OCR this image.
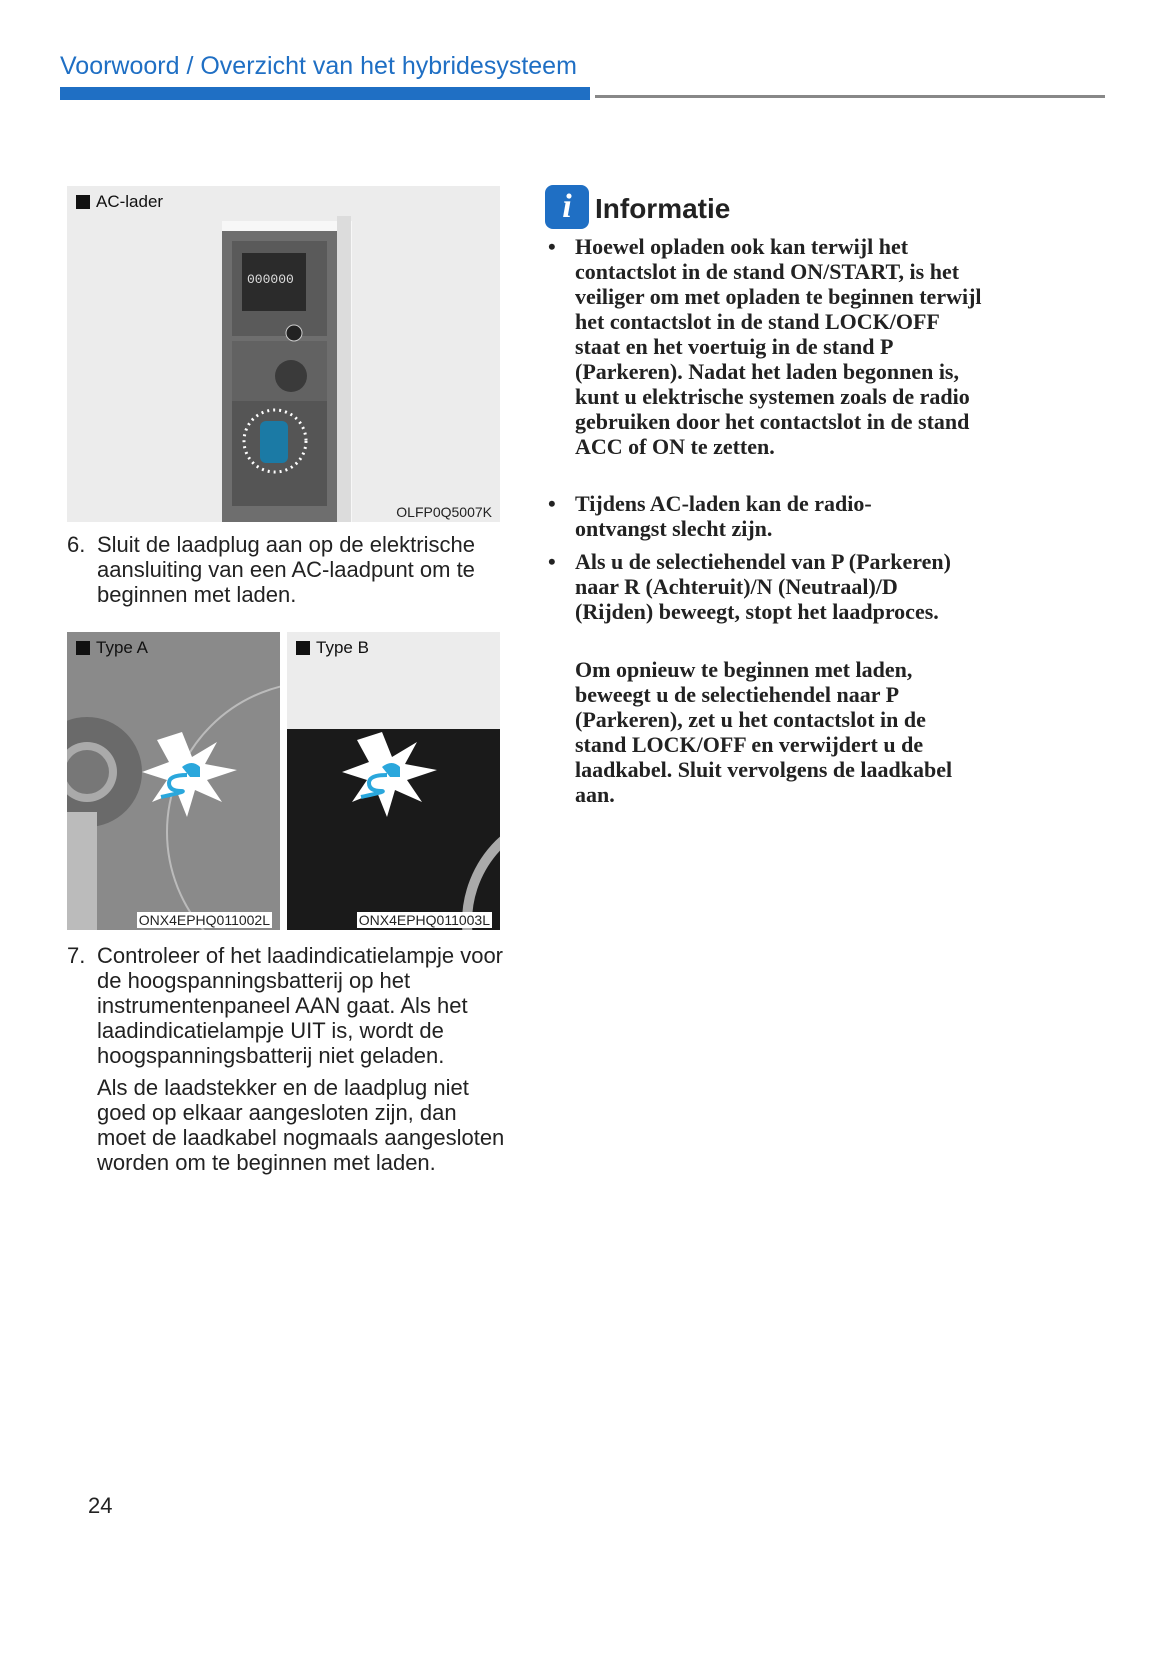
Voorwoord / Overzicht van het hybridesysteem
000000
AC-lader
OLFP0Q5007K
6. Sluit de laadplug aan op de elektrische aansluiting van een AC-laadpunt om te beginnen met laden.
Type A
ONX4EPHQ011002L
Type B
ONX4EPHQ011003L
7. Controleer of het laadindicatielampje voor de hoogspanningsbatterij op het instrumentenpaneel AAN gaat. Als het laadindicatielampje UIT is, wordt de hoogspanningsbatterij niet geladen.
Als de laadstekker en de laadplug niet goed op elkaar aangesloten zijn, dan moet de laadkabel nogmaals aangesloten worden om te beginnen met laden.
i Informatie
• Hoewel opladen ook kan terwijl het contactslot in de stand ON/START, is het veiliger om met opladen te beginnen terwijl het contactslot in de stand LOCK/OFF staat en het voertuig in de stand P (Parkeren). Nadat het laden begonnen is, kunt u elektrische systemen zoals de radio gebruiken door het contactslot in de stand ACC of ON te zetten.
• Tijdens AC-laden kan de radio-ontvangst slecht zijn.
• Als u de selectiehendel van P (Parkeren) naar R (Achteruit)/N (Neutraal)/D (Rijden) beweegt, stopt het laadproces.
Om opnieuw te beginnen met laden, beweegt u de selectiehendel naar P (Parkeren), zet u het contactslot in de stand LOCK/OFF en verwijdert u de laadkabel. Sluit vervolgens de laadkabel aan.
24
